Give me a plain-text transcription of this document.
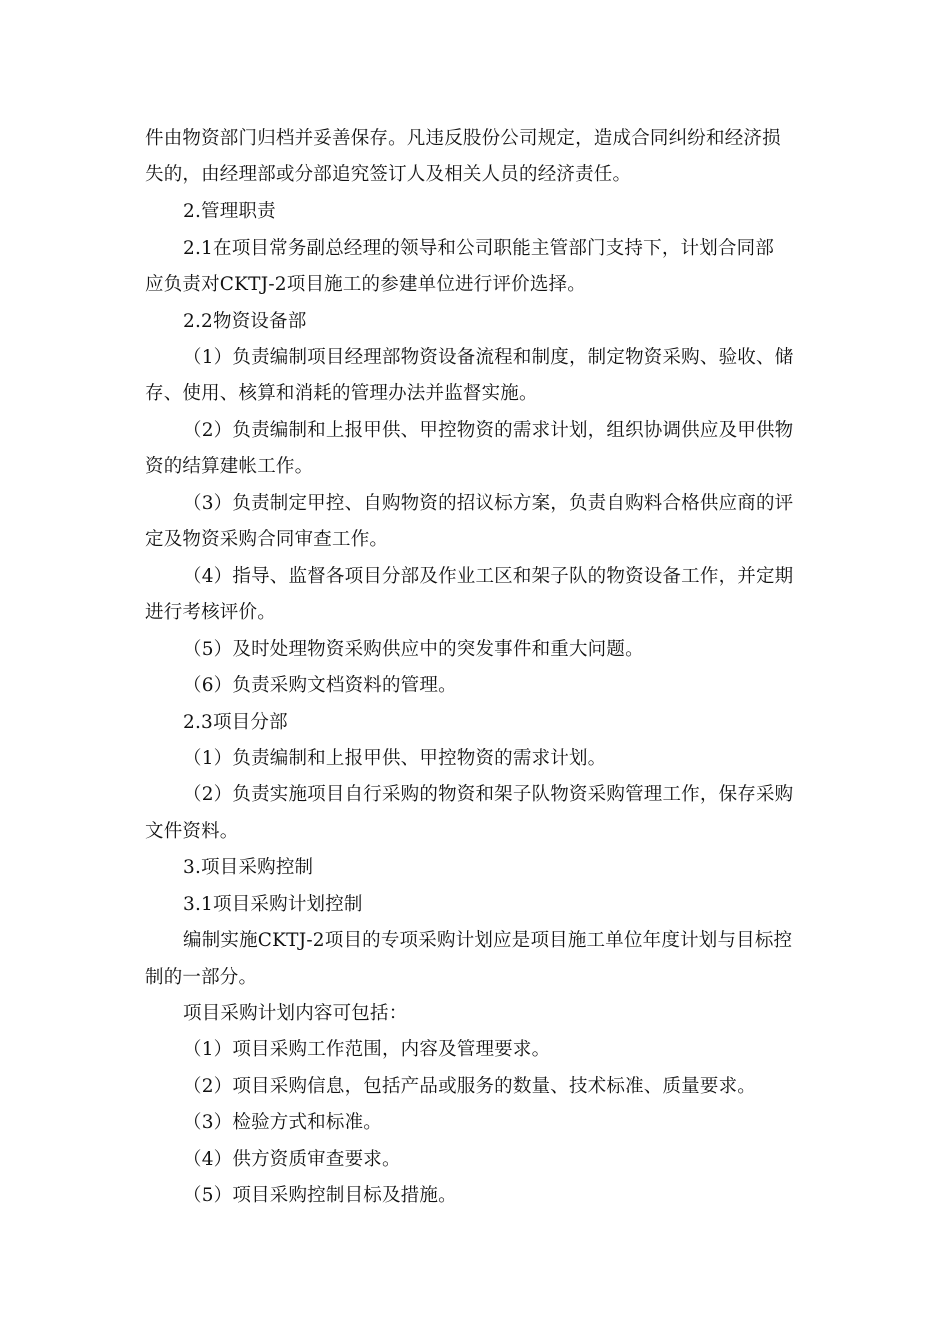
件由物资部门归档并妥善保存。凡违反股份公司规定，造成合同纠纷和经济损
失的，由经理部或分部追究签订人及相关人员的经济责任。
2.管理职责
2.1在项目常务副总经理的领导和公司职能主管部门支持下，计划合同部
应负责对CKTJ-2项目施工的参建单位进行评价选择。
2.2物资设备部
（1）负责编制项目经理部物资设备流程和制度，制定物资采购、验收、储
存、使用、核算和消耗的管理办法并监督实施。
（2）负责编制和上报甲供、甲控物资的需求计划，组织协调供应及甲供物
资的结算建帐工作。
（3）负责制定甲控、自购物资的招议标方案，负责自购料合格供应商的评
定及物资采购合同审查工作。
（4）指导、监督各项目分部及作业工区和架子队的物资设备工作，并定期
进行考核评价。
（5）及时处理物资采购供应中的突发事件和重大问题。
（6）负责采购文档资料的管理。
2.3项目分部
（1）负责编制和上报甲供、甲控物资的需求计划。
（2）负责实施项目自行采购的物资和架子队物资采购管理工作，保存采购
文件资料。
3.项目采购控制
3.1项目采购计划控制
编制实施CKTJ-2项目的专项采购计划应是项目施工单位年度计划与目标控
制的一部分。
项目采购计划内容可包括：
（1）项目采购工作范围，内容及管理要求。
（2）项目采购信息，包括产品或服务的数量、技术标准、质量要求。
（3）检验方式和标准。
（4）供方资质审查要求。
（5）项目采购控制目标及措施。
